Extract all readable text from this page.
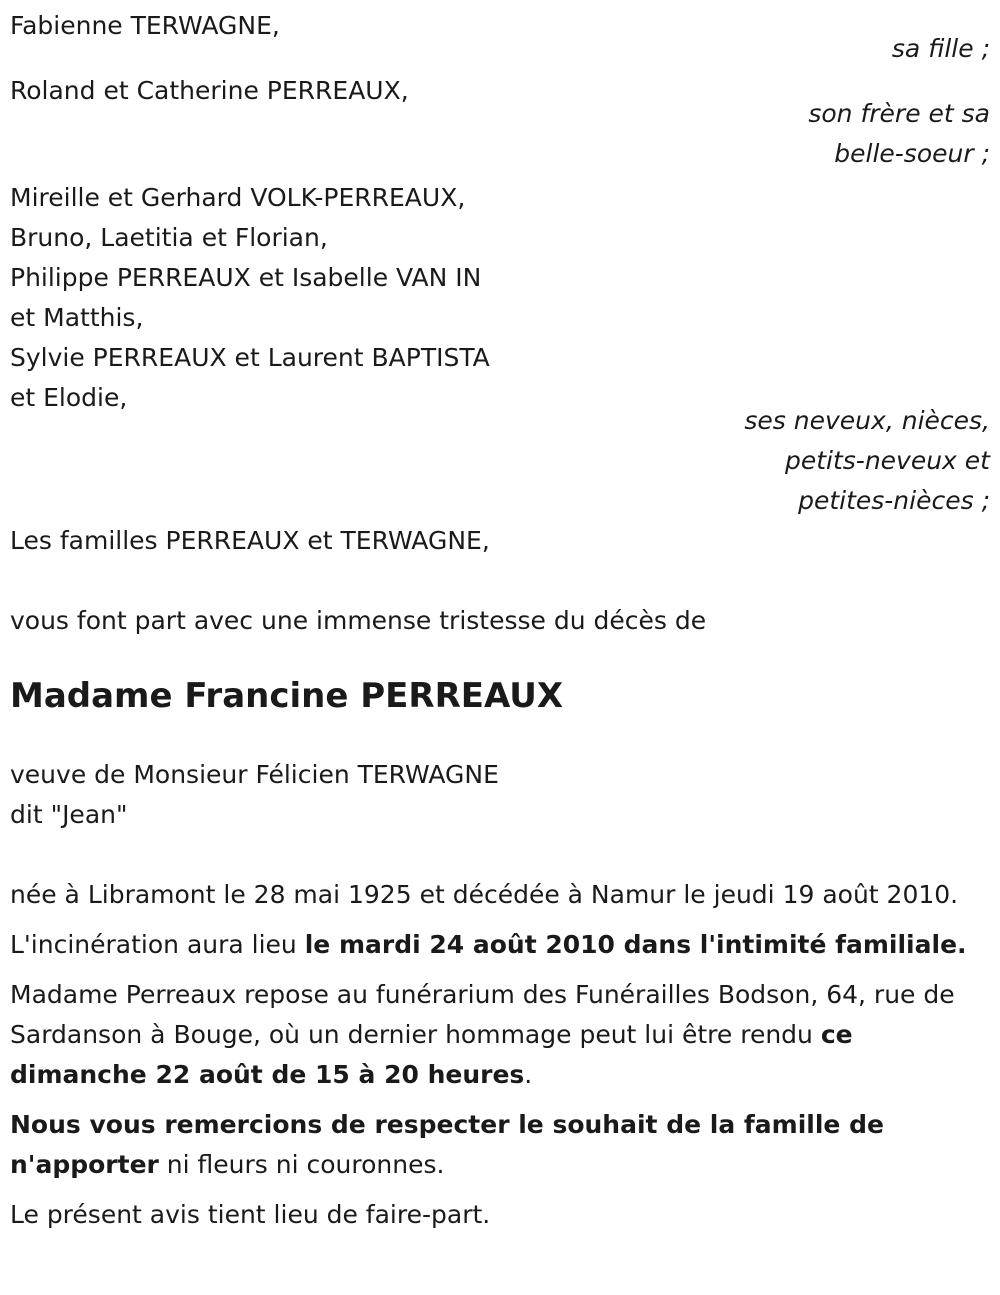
Fabienne TERWAGNE,
sa fille ;
Roland et Catherine PERREAUX,
son frère et sa
belle-soeur ;
Mireille et Gerhard VOLK-PERREAUX,
Bruno, Laetitia et Florian,
Philippe PERREAUX et Isabelle VAN IN
et Matthis,
Sylvie PERREAUX et Laurent BAPTISTA
et Elodie,
ses neveux, nièces,
petits-neveux et
petites-nièces ;
Les familles PERREAUX et TERWAGNE,
vous font part avec une immense tristesse du décès de
Madame Francine PERREAUX
veuve de Monsieur Félicien TERWAGNE
dit "Jean"
née à Libramont le 28 mai 1925 et décédée à Namur le jeudi 19 août 2010.
L'incinération aura lieu le mardi 24 août 2010 dans l'intimité familiale.
Madame Perreaux repose au funérarium des Funérailles Bodson, 64, rue de Sardanson à Bouge, où un dernier hommage peut lui être rendu ce dimanche 22 août de 15 à 20 heures.
Nous vous remercions de respecter le souhait de la famille de n'apporter ni fleurs ni couronnes.
Le présent avis tient lieu de faire-part.
